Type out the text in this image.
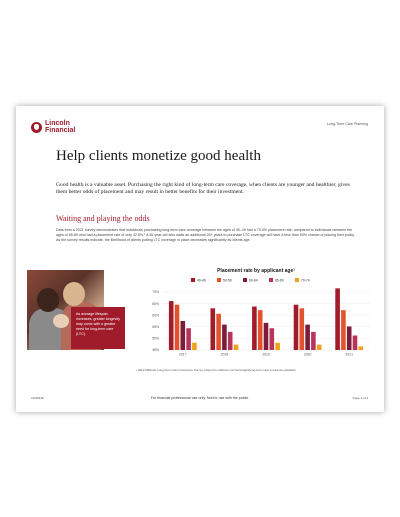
Lincoln
Financial
Long-Term Care Planning
Help clients monetize good health

Good health is a valuable asset. Purchasing the right kind of long-term care coverage, when clients are younger and healthier, gives them better odds of placement and may result in better benefits for their investment.

Waiting and playing the odds

Data from a 2021 survey demonstrates that individuals purchasing long-term care coverage between the ages of 40–49 had a 79.4% placement rate, compared to individuals between the ages of 65-69 who had a placement rate of only 42.5%.¹ A 40-year-old who waits an additional 25+ years to purchase LTC coverage will have a less than 50% chance of placing their policy. As the survey results indicate, the likelihood of clients putting LTC coverage in place decreases significantly as clients age.

As average lifespan increases, greater longevity may come with a greater need for long-term care (LTC).
Placement rate by applicant age¹
40-49	50-59	60-64	65-69	70-74
70%
65%
60%
55%
50%
45%
2017	2018	2019	2020	2021
¹ 2022 Milliman Long-Term Care Insurance Survey, https://us.milliman.com/en/insight/long-term-care-insurance-valuation
LFM6238	For financial professional use only. Not for use with the public.	Page 1 of 3
